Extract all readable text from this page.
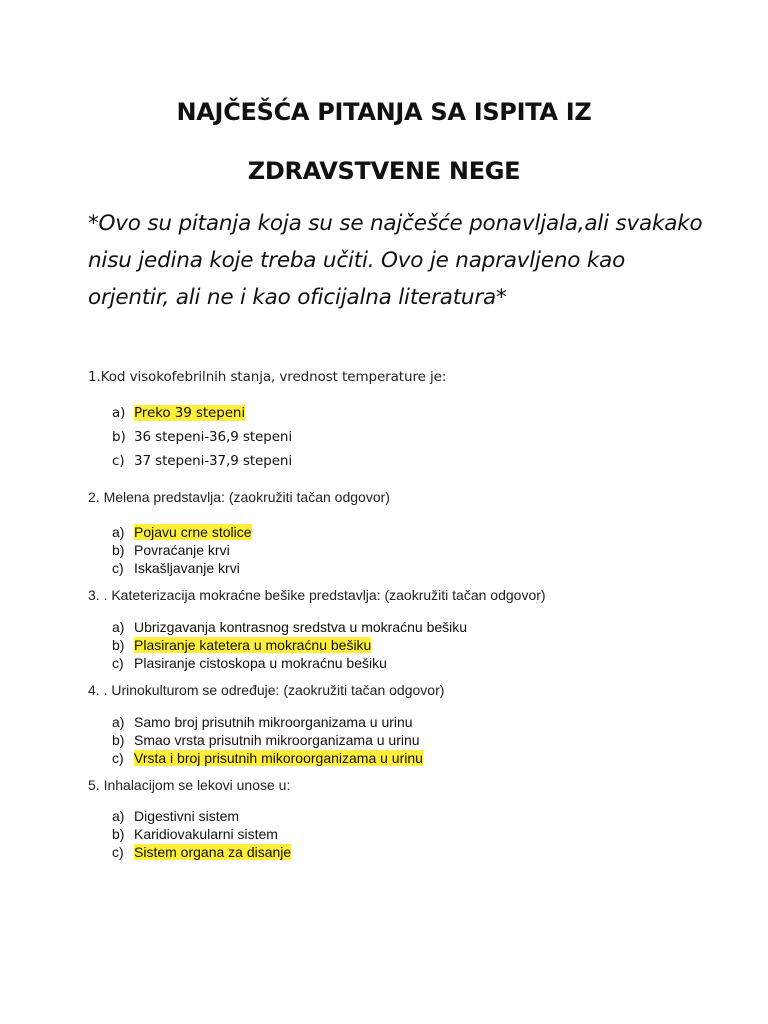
NAJČEŠĆA PITANJA SA ISPITA IZ
ZDRAVSTVENE NEGE
*Ovo su pitanja koja su se najčešće ponavljala,ali svakako
nisu jedina koje treba učiti. Ovo je napravljeno kao
orjentir, ali ne i kao oficijalna literatura*
1.Kod visokofebrilnih stanja, vrednost temperature je:
a) Preko 39 stepeni
b) 36 stepeni-36,9 stepeni
c) 37 stepeni-37,9 stepeni
2. Melena predstavlja: (zaokružiti tačan odgovor)
a) Pojavu crne stolice
b) Povraćanje krvi
c) Iskašljavanje krvi
3. . Kateterizacija mokraćne bešike predstavlja: (zaokružiti tačan odgovor)
a) Ubrizgavanja kontrasnog sredstva u mokraćnu bešiku
b) Plasiranje katetera u mokraćnu bešiku
c) Plasiranje cistoskopa u mokraćnu bešiku
4. . Urinokulturom se određuje: (zaokružiti tačan odgovor)
a) Samo broj prisutnih mikroorganizama u urinu
b) Smao vrsta prisutnih mikroorganizama u urinu
c) Vrsta i broj prisutnih mikoroorganizama u urinu
5. Inhalacijom se lekovi unose u:
a) Digestivni sistem
b) Karidiovakularni sistem
c) Sistem organa za disanje
